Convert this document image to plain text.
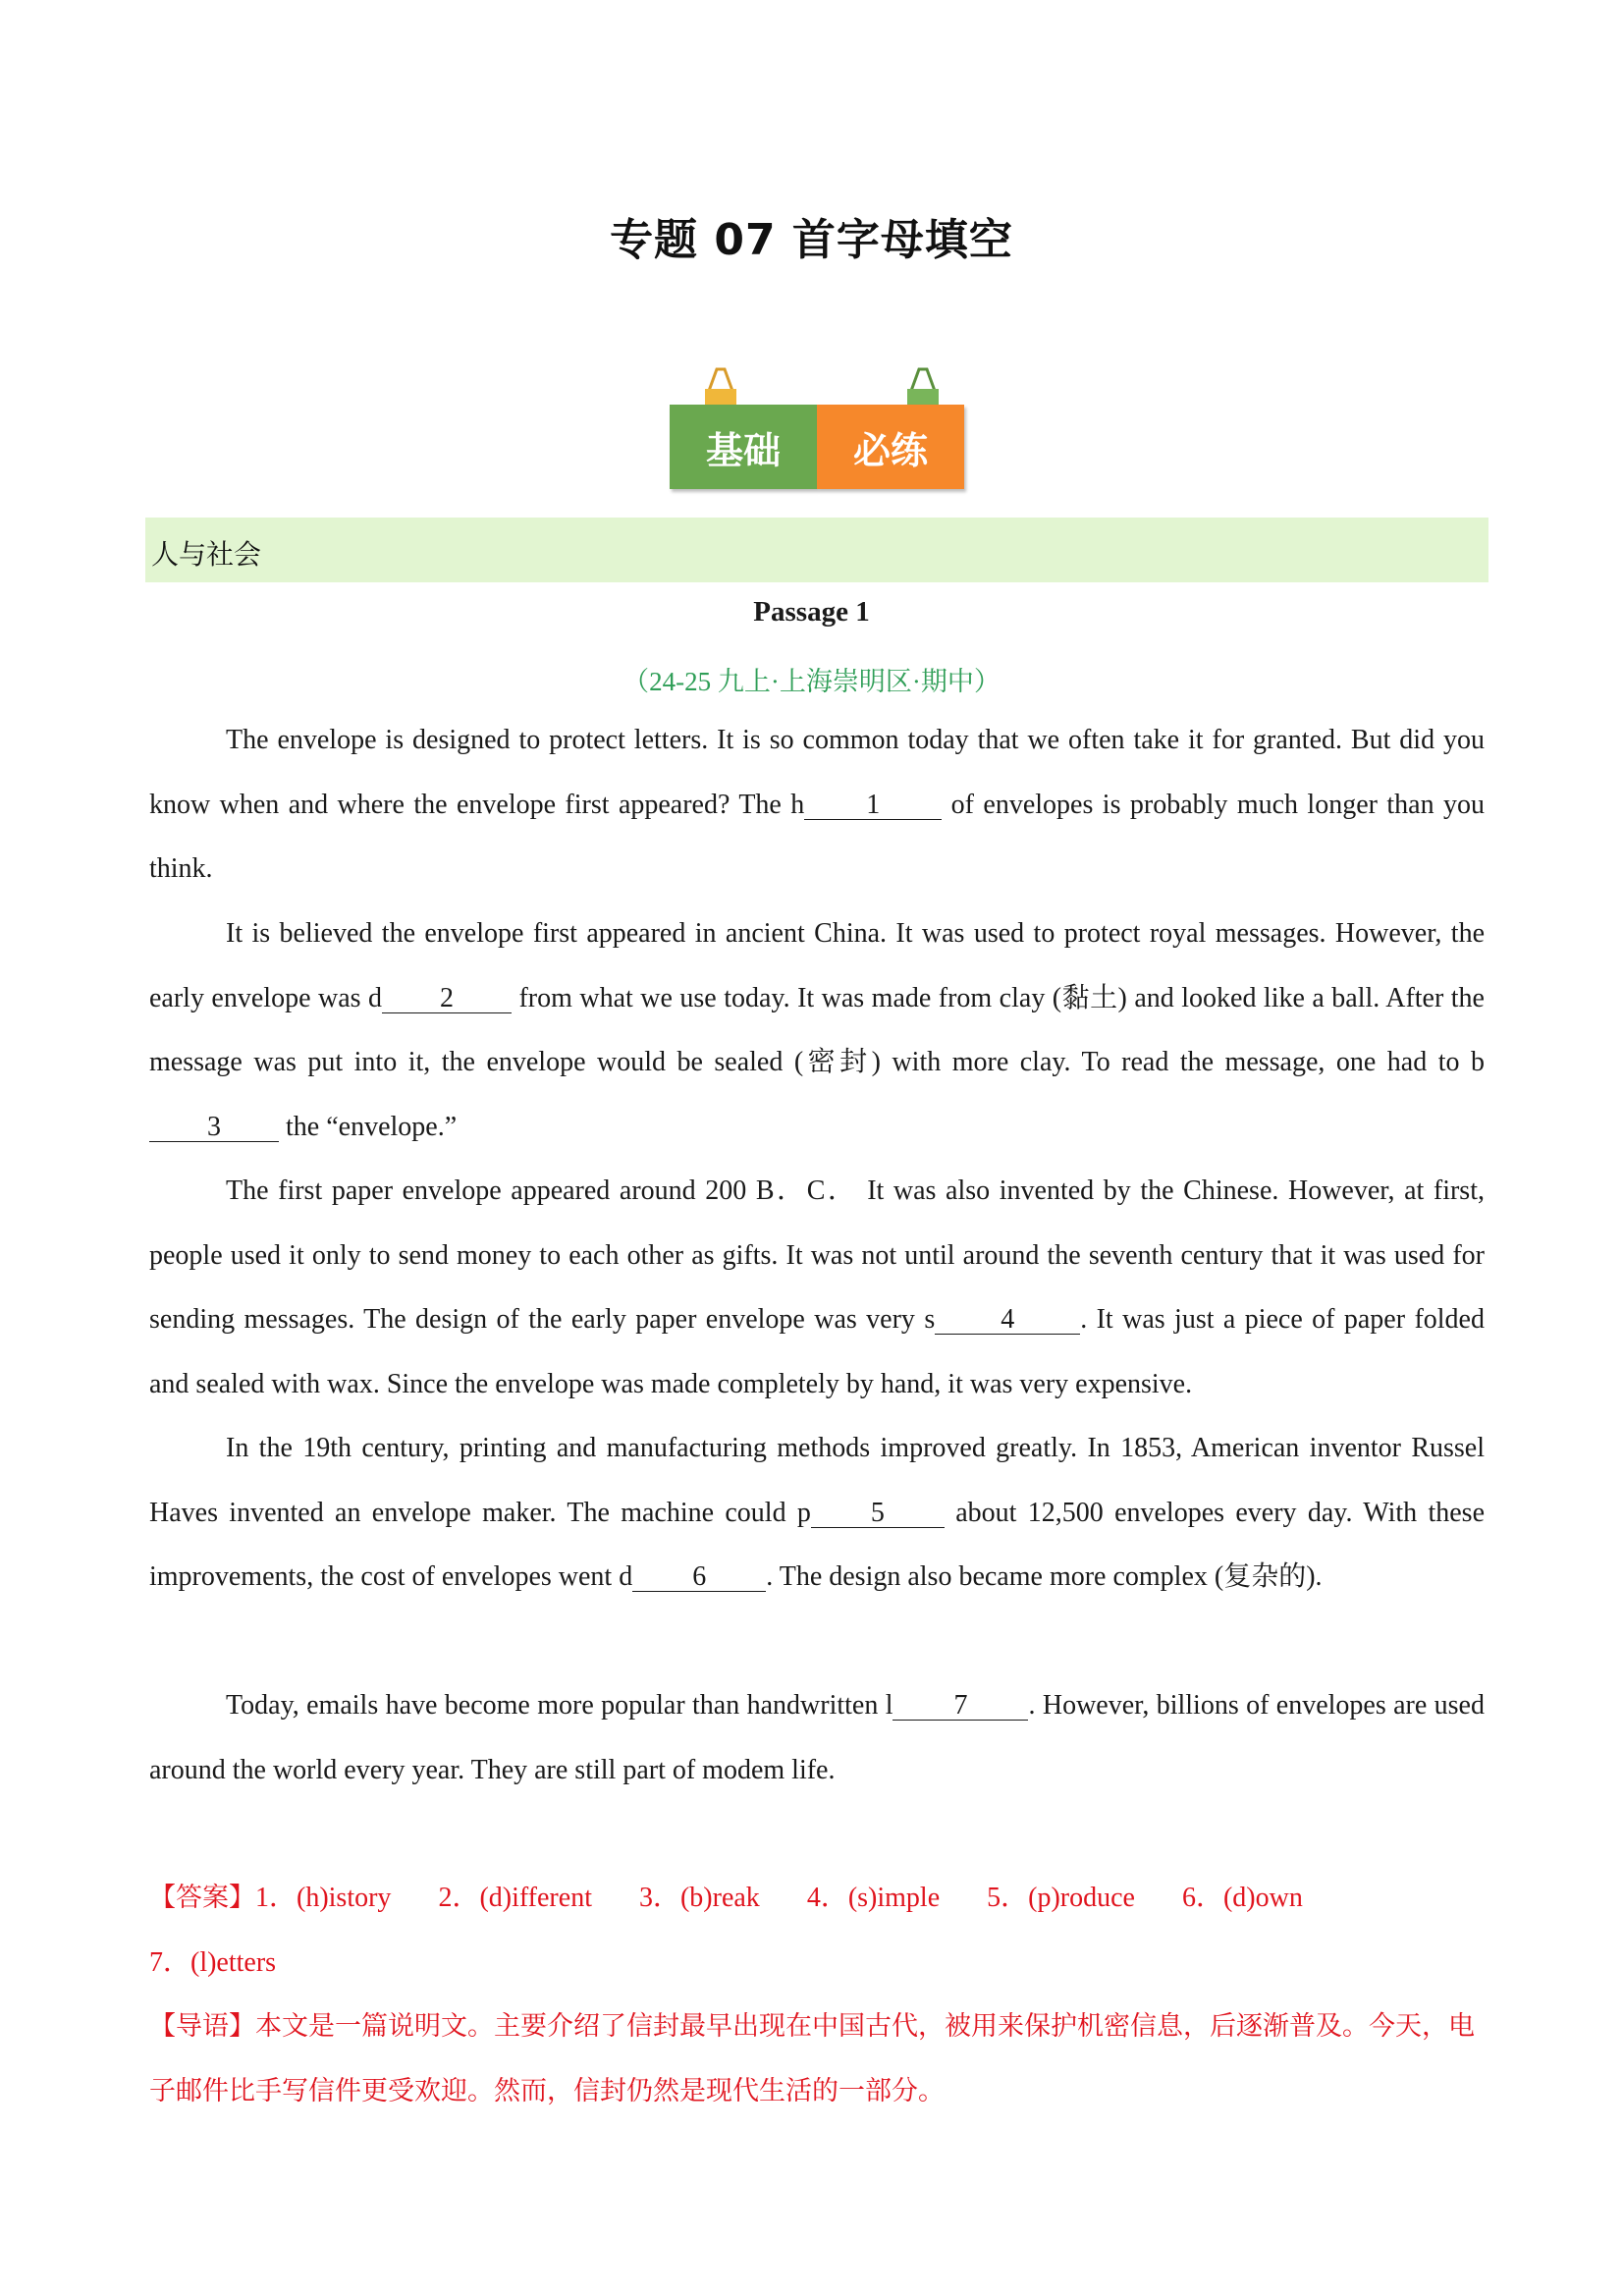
专题 07 首字母填空
基础	必练
人与社会
Passage 1
（24-25 九上·上海崇明区·期中）
The envelope is designed to protect letters. It is so common today that we often take it for granted. But did you know when and where the envelope first appeared? The h 1 of envelopes is probably much longer than you think.
It is believed the envelope first appeared in ancient China. It was used to protect royal messages. However, the early envelope was d 2 from what we use today. It was made from clay (黏土) and looked like a ball. After the message was put into it, the envelope would be sealed (密封) with more clay. To read the message, one had to b3 the “envelope.”
The first paper envelope appeared around 200 B．C． It was also invented by the Chinese. However, at first, people used it only to send money to each other as gifts. It was not until around the seventh century that it was used for sending messages. The design of the early paper envelope was very s 4 . It was just a piece of paper folded and sealed with wax. Since the envelope was made completely by hand, it was very expensive.
In the 19th century, printing and manufacturing methods improved greatly. In 1853, American inventor Russel Haves invented an envelope maker. The machine could p 5 about 12,500 envelopes every day. With these improvements, the cost of envelopes went d 6 . The design also became more complex (复杂的).
Today, emails have become more popular than handwritten l 7 . However, billions of envelopes are used around the world every year. They are still part of modem life.
【答案】1．(h)istory 2．(d)ifferent 3．(b)reak 4．(s)imple 5．(p)roduce 6．(d)own
7．(l)etters
【导语】本文是一篇说明文。主要介绍了信封最早出现在中国古代，被用来保护机密信息，后逐渐普及。今天，电子邮件比手写信件更受欢迎。然而，信封仍然是现代生活的一部分。
